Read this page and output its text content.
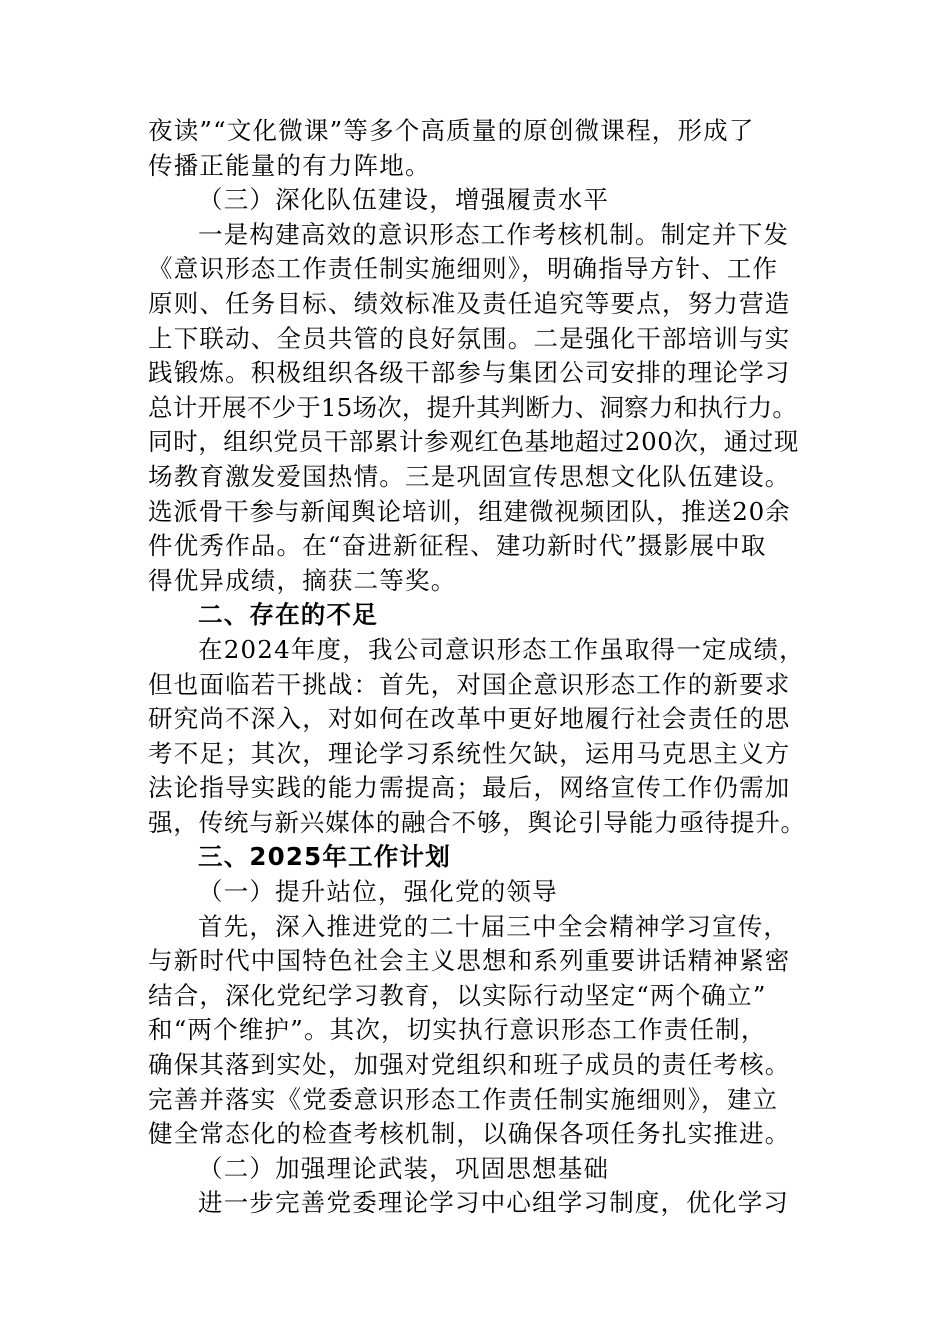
夜读”“文化微课”等多个高质量的原创微课程，形成了
传播正能量的有力阵地。
（三）深化队伍建设，增强履责水平
一是构建高效的意识形态工作考核机制。制定并下发
《意识形态工作责任制实施细则》，明确指导方针、工作
原则、任务目标、绩效标准及责任追究等要点，努力营造
上下联动、全员共管的良好氛围。二是强化干部培训与实
践锻炼。积极组织各级干部参与集团公司安排的理论学习
总计开展不少于15场次，提升其判断力、洞察力和执行力。
同时，组织党员干部累计参观红色基地超过200次，通过现
场教育激发爱国热情。三是巩固宣传思想文化队伍建设。
选派骨干参与新闻舆论培训，组建微视频团队，推送20余
件优秀作品。在“奋进新征程、建功新时代”摄影展中取
得优异成绩，摘获二等奖。
二、存在的不足
在2024年度，我公司意识形态工作虽取得一定成绩，
但也面临若干挑战：首先，对国企意识形态工作的新要求
研究尚不深入，对如何在改革中更好地履行社会责任的思
考不足；其次，理论学习系统性欠缺，运用马克思主义方
法论指导实践的能力需提高；最后，网络宣传工作仍需加
强，传统与新兴媒体的融合不够，舆论引导能力亟待提升。
三、2025年工作计划
（一）提升站位，强化党的领导
首先，深入推进党的二十届三中全会精神学习宣传，
与新时代中国特色社会主义思想和系列重要讲话精神紧密
结合，深化党纪学习教育，以实际行动坚定“两个确立”
和“两个维护”。其次，切实执行意识形态工作责任制，
确保其落到实处，加强对党组织和班子成员的责任考核。
完善并落实《党委意识形态工作责任制实施细则》，建立
健全常态化的检查考核机制，以确保各项任务扎实推进。
（二）加强理论武装，巩固思想基础
进一步完善党委理论学习中心组学习制度，优化学习
